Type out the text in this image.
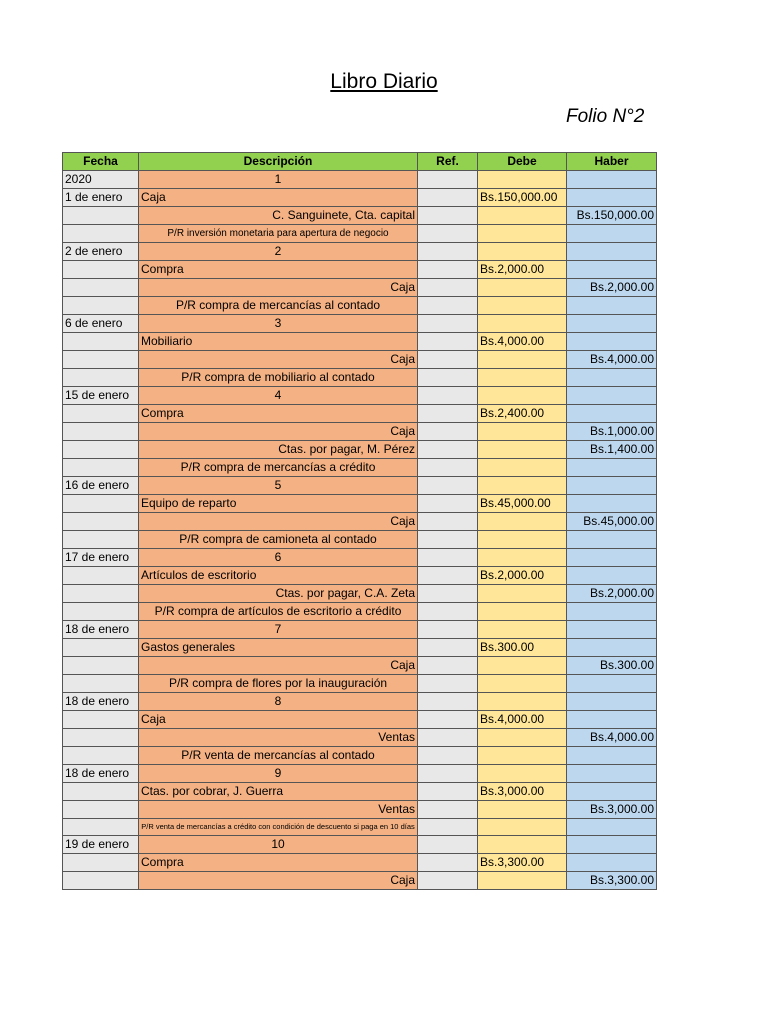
Libro Diario
Folio N°2
Fecha	Descripción	Ref.	Debe	Haber
2020	1			
1 de enero	Caja		Bs.150,000.00	
	C. Sanguinete, Cta. capital			Bs.150,000.00
	P/R inversión monetaria para apertura de negocio			
2 de enero	2			
	Compra		Bs.2,000.00	
	Caja			Bs.2,000.00
	P/R compra de mercancías al contado			
6 de enero	3			
	Mobiliario		Bs.4,000.00	
	Caja			Bs.4,000.00
	P/R compra de mobiliario al contado			
15 de enero	4			
	Compra		Bs.2,400.00	
	Caja			Bs.1,000.00
	Ctas. por pagar, M. Pérez			Bs.1,400.00
	P/R compra de mercancías a crédito			
16 de enero	5			
	Equipo de reparto		Bs.45,000.00	
	Caja			Bs.45,000.00
	P/R compra de camioneta al contado			
17 de enero	6			
	Artículos de escritorio		Bs.2,000.00	
	Ctas. por pagar, C.A. Zeta			Bs.2,000.00
	P/R compra de artículos de escritorio a crédito			
18 de enero	7			
	Gastos generales		Bs.300.00	
	Caja			Bs.300.00
	P/R compra de flores por la inauguración			
18 de enero	8			
	Caja		Bs.4,000.00	
	Ventas			Bs.4,000.00
	P/R venta de mercancías al contado			
18 de enero	9			
	Ctas. por cobrar, J. Guerra		Bs.3,000.00	
	Ventas			Bs.3,000.00
	P/R venta de mercancías a crédito con condición de descuento si paga en 10 días			
19 de enero	10			
	Compra		Bs.3,300.00	
	Caja			Bs.3,300.00
